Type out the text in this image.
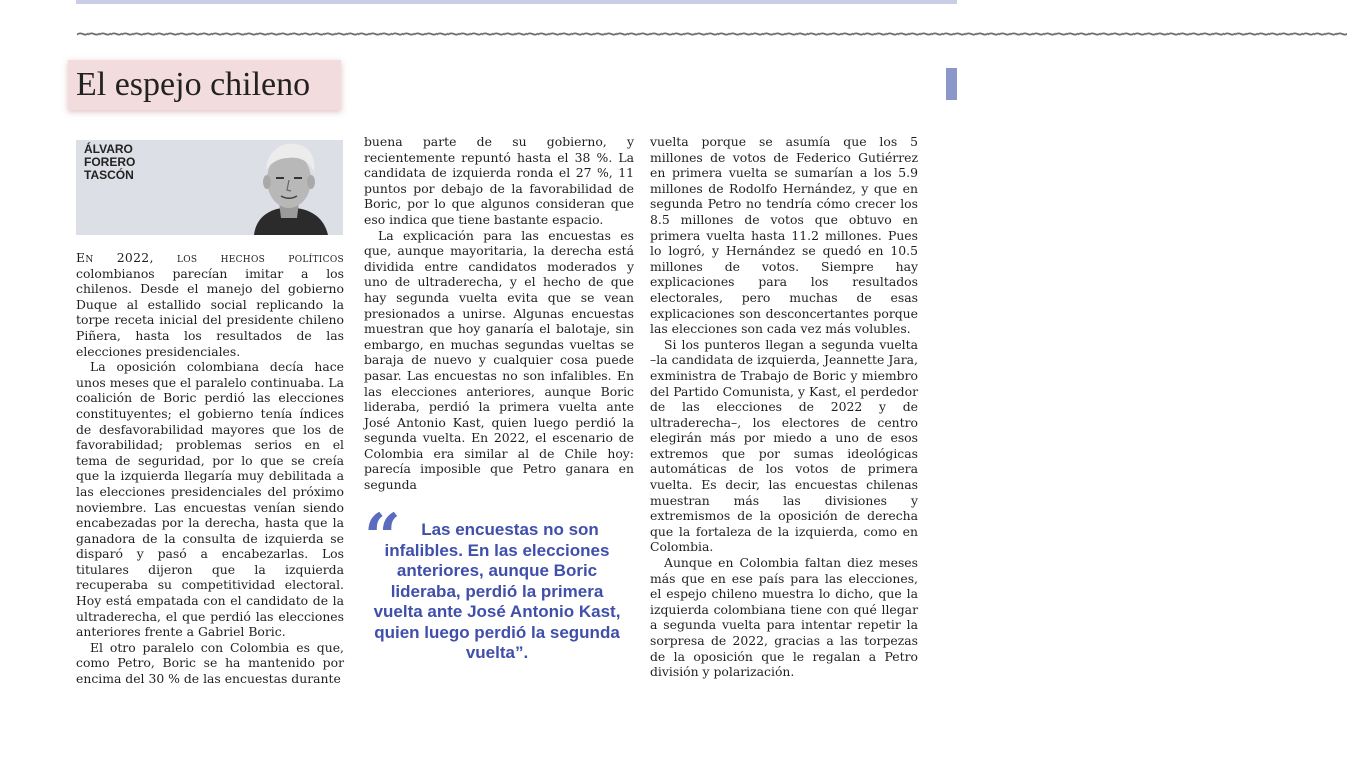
~~~~~~~~~~~~~~~~~~~~~~~~~~~~~~~~~~~~~~~~~~~~~~~~~~~~~~~~~~~~~~~~~~~~~~~~~~~~~~~~~~~~~~~~~~~~~~~~~~~~~~~~~~~~~~~~~
El espejo chileno
ÁLVARO
FORERO
TASCÓN

En 2022, los hechos políticos colombianos parecían imitar a los chilenos. Desde el manejo del gobierno Duque al estallido social replicando la torpe receta inicial del presidente chileno Piñera, hasta los resultados de las elecciones presidenciales.

La oposición colombiana decía hace unos meses que el paralelo continuaba. La coalición de Boric perdió las elecciones constituyentes; el gobierno tenía índices de desfavorabilidad mayores que los de favorabilidad; problemas serios en el tema de seguridad, por lo que se creía que la izquierda llegaría muy debilitada a las elecciones presidenciales del próximo noviembre. Las encuestas venían siendo encabezadas por la derecha, hasta que la ganadora de la consulta de izquierda se disparó y pasó a encabezarlas. Los titulares dijeron que la izquierda recuperaba su competitividad electoral. Hoy está empatada con el candidato de la ultraderecha, el que perdió las elecciones anteriores frente a Gabriel Boric.

El otro paralelo con Colombia es que, como Petro, Boric se ha mantenido por encima del 30 % de las encuestas durante

buena parte de su gobierno, y recientemente repuntó hasta el 38 %. La candidata de izquierda ronda el 27 %, 11 puntos por debajo de la favorabilidad de Boric, por lo que algunos consideran que eso indica que tiene bastante espacio.

La explicación para las encuestas es que, aunque mayoritaria, la derecha está dividida entre candidatos moderados y uno de ultraderecha, y el hecho de que hay segunda vuelta evita que se vean presionados a unirse. Algunas encuestas muestran que hoy ganaría el balotaje, sin embargo, en muchas segundas vueltas se baraja de nuevo y cualquier cosa puede pasar. Las encuestas no son infalibles. En las elecciones anteriores, aunque Boric lideraba, perdió la primera vuelta ante José Antonio Kast, quien luego perdió la segunda vuelta. En 2022, el escenario de Colombia era similar al de Chile hoy: parecía imposible que Petro ganara en segunda

“	Las encuestas no son infalibles. En las elecciones anteriores, aunque Boric lideraba, perdió la primera vuelta ante José Antonio Kast, quien luego perdió la segunda vuelta”.

vuelta porque se asumía que los 5 millones de votos de Federico Gutiérrez en primera vuelta se sumarían a los 5.9 millones de Rodolfo Hernández, y que en segunda Petro no tendría cómo crecer los 8.5 millones de votos que obtuvo en primera vuelta hasta 11.2 millones. Pues lo logró, y Hernández se quedó en 10.5 millones de votos. Siempre hay explicaciones para los resultados electorales, pero muchas de esas explicaciones son desconcertantes porque las elecciones son cada vez más volubles.

Si los punteros llegan a segunda vuelta –la candidata de izquierda, Jeannette Jara, exministra de Trabajo de Boric y miembro del Partido Comunista, y Kast, el perdedor de las elecciones de 2022 y de ultraderecha–, los electores de centro elegirán más por miedo a uno de esos extremos que por sumas ideológicas automáticas de los votos de primera vuelta. Es decir, las encuestas chilenas muestran más las divisiones y extremismos de la oposición de derecha que la fortaleza de la izquierda, como en Colombia.

Aunque en Colombia faltan diez meses más que en ese país para las elecciones, el espejo chileno muestra lo dicho, que la izquierda colombiana tiene con qué llegar a segunda vuelta para intentar repetir la sorpresa de 2022, gracias a las torpezas de la oposición que le regalan a Petro división y polarización.
